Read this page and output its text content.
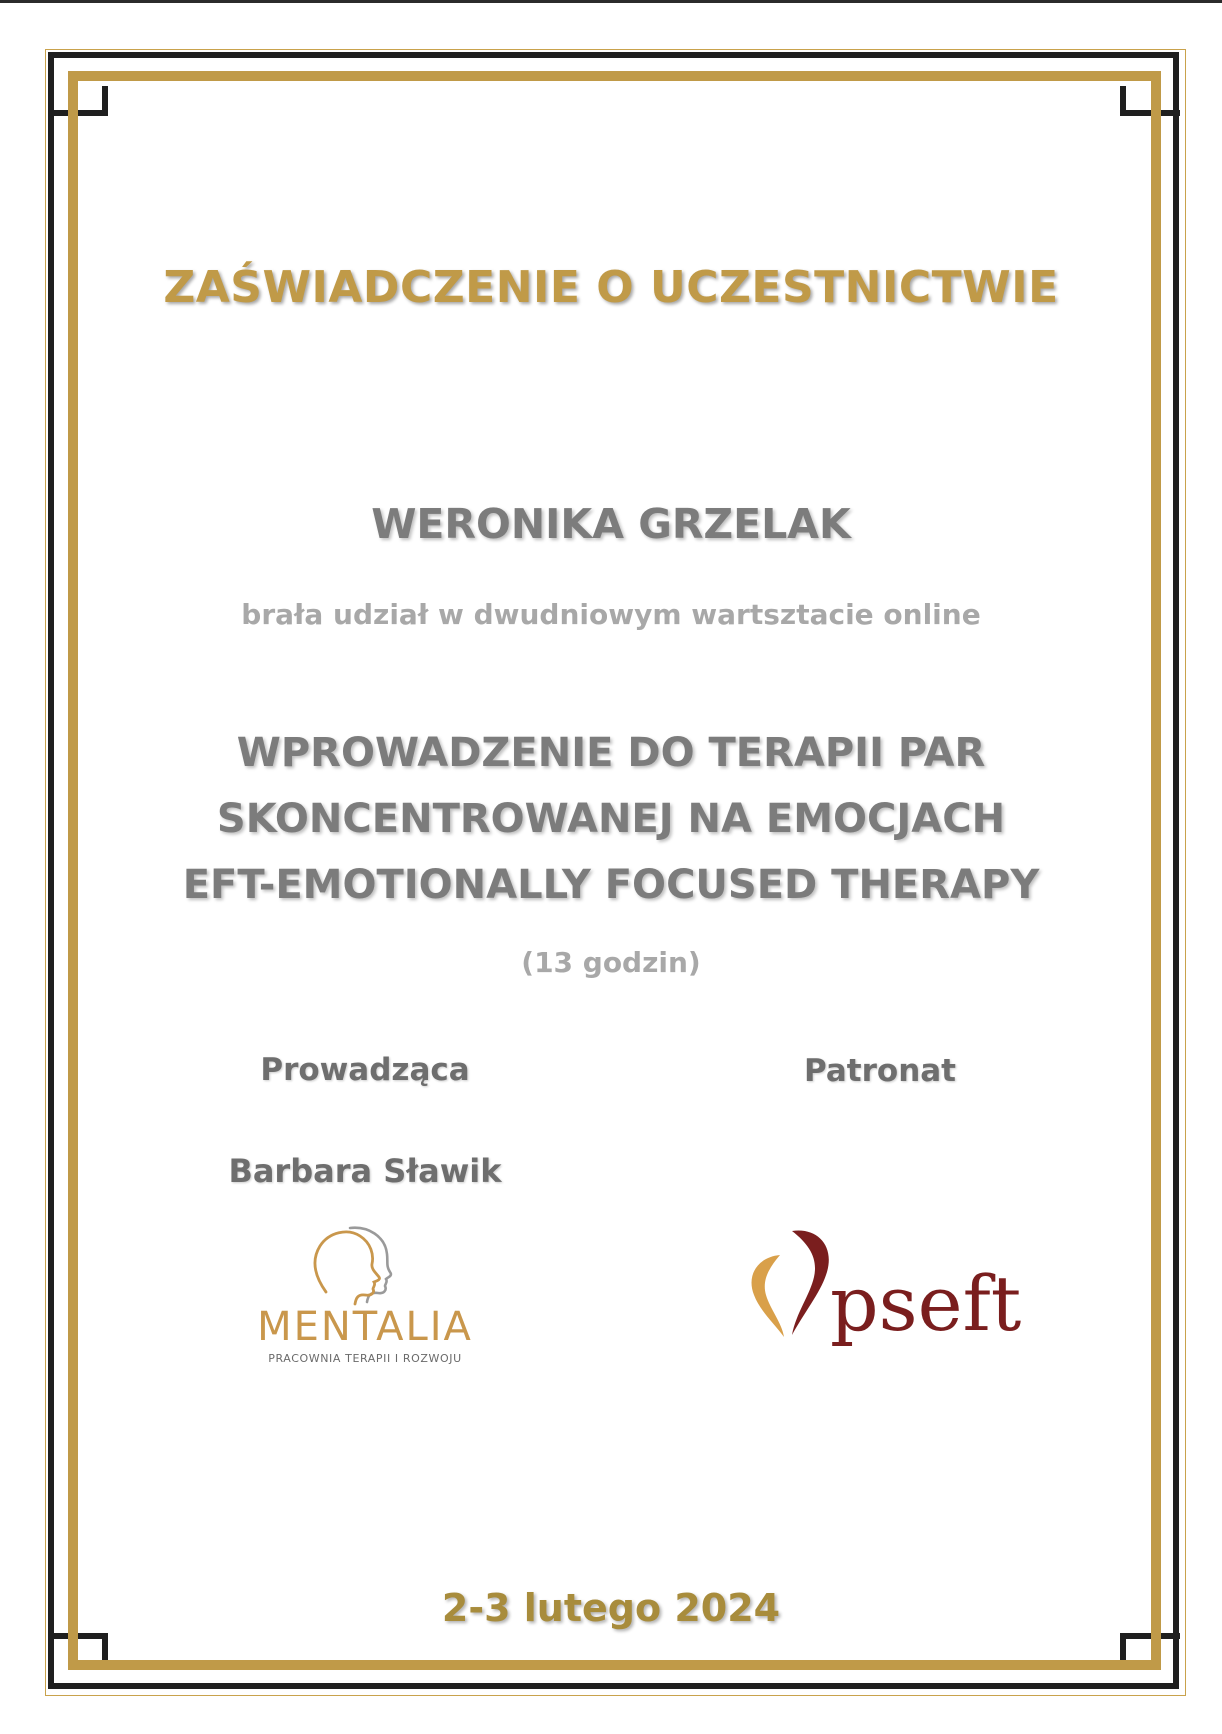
ZAŚWIADCZENIE O UCZESTNICTWIE
WERONIKA GRZELAK
brała udział w dwudniowym wartsztacie online
WPROWADZENIE DO TERAPII PAR
SKONCENTROWANEJ NA EMOCJACH
EFT-EMOTIONALLY FOCUSED THERAPY
(13 godzin)
Prowadząca	Patronat
Barbara Sławik
MENTALIA
PRACOWNIA TERAPII I ROZWOJU
pseft
2-3 lutego 2024
